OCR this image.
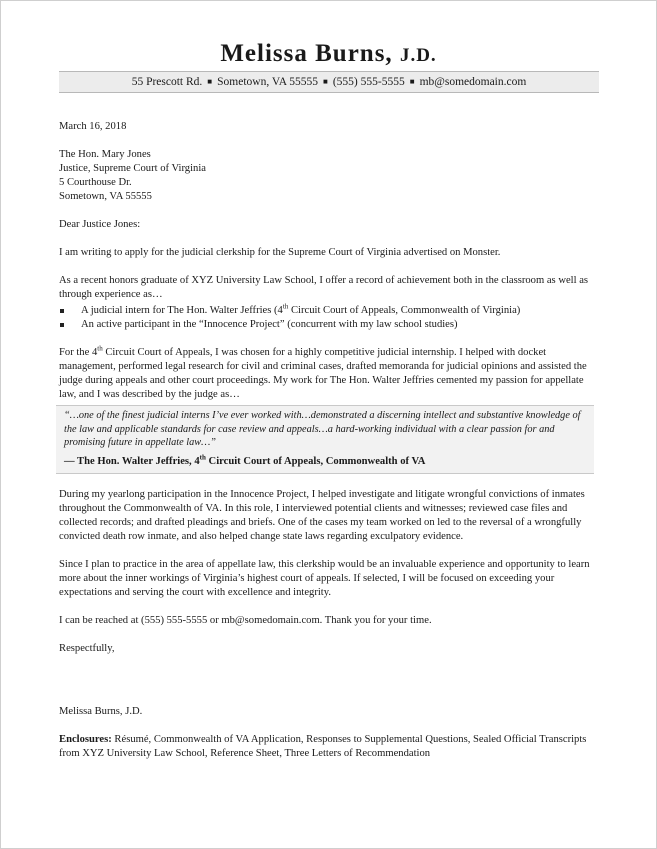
Melissa Burns, J.D.
55 Prescott Rd. ■ Sometown, VA 55555 ■ (555) 555-5555 ■ mb@somedomain.com

March 16, 2018

The Hon. Mary Jones

Justice, Supreme Court of Virginia

5 Courthouse Dr.

Sometown, VA 55555

Dear Justice Jones:

I am writing to apply for the judicial clerkship for the Supreme Court of Virginia advertised on Monster.

As a recent honors graduate of XYZ University Law School, I offer a record of achievement both in the classroom as well as through experience as…

A judicial intern for The Hon. Walter Jeffries (4th Circuit Court of Appeals, Commonwealth of Virginia)
An active participant in the “Innocence Project” (concurrent with my law school studies)

For the 4th Circuit Court of Appeals, I was chosen for a highly competitive judicial internship. I helped with docket management, performed legal research for civil and criminal cases, drafted memoranda for judicial opinions and assisted the judge during appeals and other court proceedings. My work for The Hon. Walter Jeffries cemented my passion for appellate law, and I was described by the judge as…

“…one of the finest judicial interns I’ve ever worked with…demonstrated a discerning intellect and substantive knowledge of the law and applicable standards for case review and appeals…a hard-working individual with a clear passion for and promising future in appellate law…”
— The Hon. Walter Jeffries, 4th Circuit Court of Appeals, Commonwealth of VA

During my yearlong participation in the Innocence Project, I helped investigate and litigate wrongful convictions of inmates throughout the Commonwealth of VA. In this role, I interviewed potential clients and witnesses; reviewed case files and collected records; and drafted pleadings and briefs. One of the cases my team worked on led to the reversal of a wrongfully convicted death row inmate, and also helped change state laws regarding exculpatory evidence.

Since I plan to practice in the area of appellate law, this clerkship would be an invaluable experience and opportunity to learn more about the inner workings of Virginia’s highest court of appeals. If selected, I will be focused on exceeding your expectations and serving the court with excellence and integrity.

I can be reached at (555) 555-5555 or mb@somedomain.com. Thank you for your time.

Respectfully,

Melissa Burns, J.D.

Enclosures: Résumé, Commonwealth of VA Application, Responses to Supplemental Questions, Sealed Official Transcripts from XYZ University Law School, Reference Sheet, Three Letters of Recommendation
